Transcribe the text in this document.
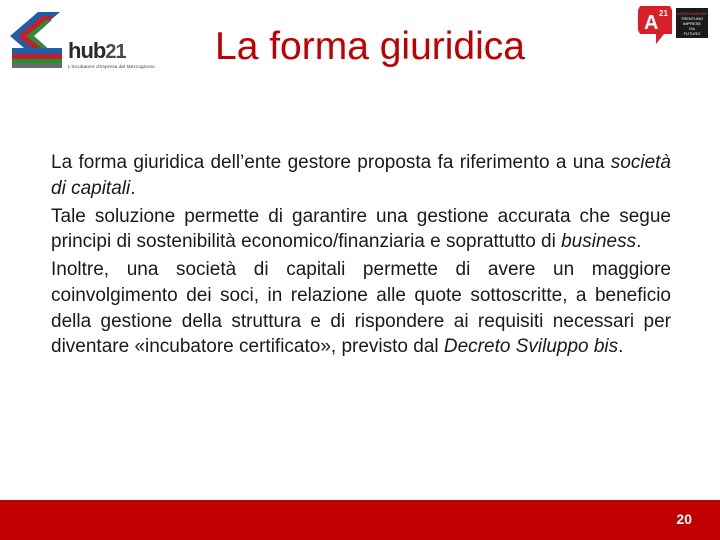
hub21
L'incubatore d'impresa del Mezzogiorno	La forma giuridica
A 21 ASSOCIAZIONE
TRENTUNO
IMPRESE
DA
FUTURO

La forma giuridica dell’ente gestore proposta fa riferimento a una società di capitali.

Tale soluzione permette di garantire una gestione accurata che segue principi di sostenibilità economico/finanziaria e soprattutto di business.

Inoltre, una società di capitali permette di avere un maggiore coinvolgimento dei soci, in relazione alle quote sottoscritte, a beneficio della gestione della struttura e di rispondere ai requisiti necessari per diventare «incubatore certificato», previsto dal Decreto Sviluppo bis.

20
